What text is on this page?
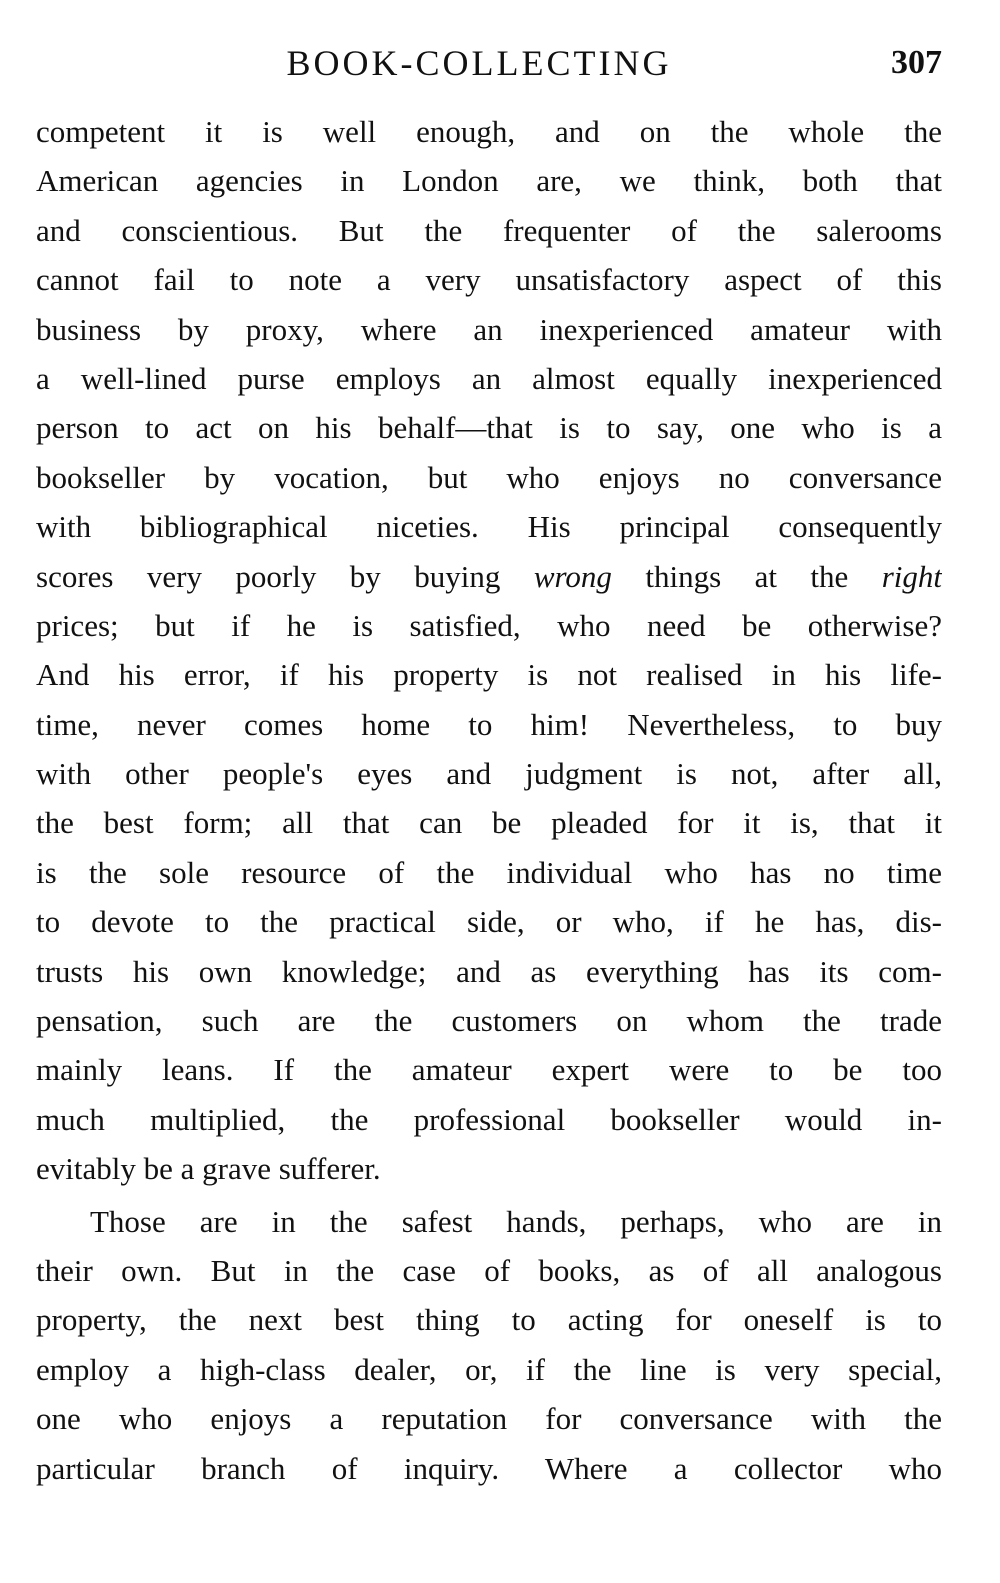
BOOK-COLLECTING	307
competent it is well enough, and on the whole the
American agencies in London are, we think, both that
and conscientious. But the frequenter of the salerooms
cannot fail to note a very unsatisfactory aspect of this
business by proxy, where an inexperienced amateur with
a well-lined purse employs an almost equally inexperienced
person to act on his behalf—that is to say, one who is a
bookseller by vocation, but who enjoys no conversance
with bibliographical niceties. His principal consequently
scores very poorly by buying wrong things at the right
prices; but if he is satisfied, who need be otherwise?
And his error, if his property is not realised in his life-
time, never comes home to him! Nevertheless, to buy
with other people's eyes and judgment is not, after all,
the best form; all that can be pleaded for it is, that it
is the sole resource of the individual who has no time
to devote to the practical side, or who, if he has, dis-
trusts his own knowledge; and as everything has its com-
pensation, such are the customers on whom the trade
mainly leans. If the amateur expert were to be too
much multiplied, the professional bookseller would in-
evitably be a grave sufferer.
Those are in the safest hands, perhaps, who are in
their own. But in the case of books, as of all analogous
property, the next best thing to acting for oneself is to
employ a high-class dealer, or, if the line is very special,
one who enjoys a reputation for conversance with the
particular branch of inquiry. Where a collector who
